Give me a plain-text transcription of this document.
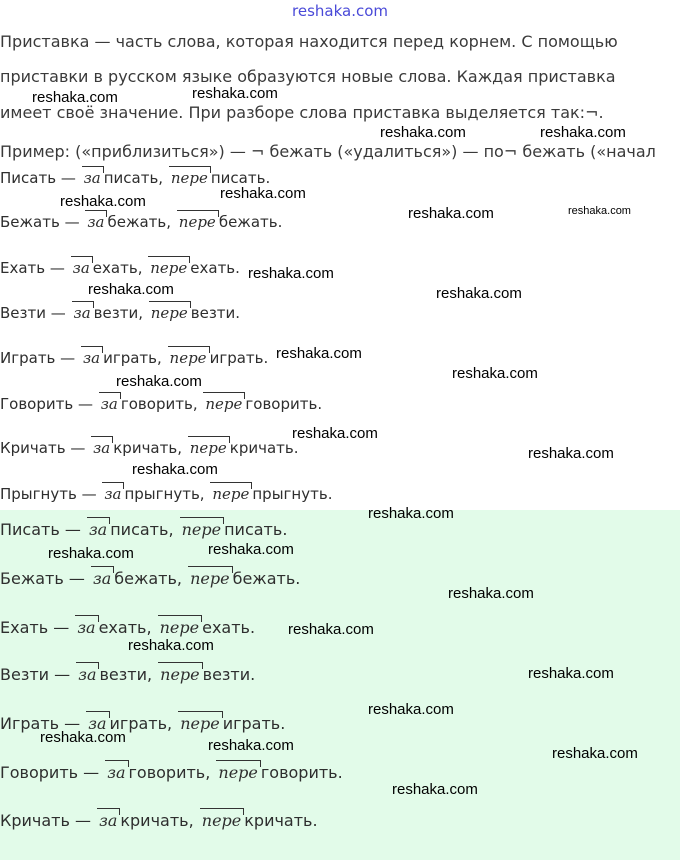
reshaka.com
Приставка — часть слова, которая находится перед корнем. С помощью
приставки в русском языке образуются новые слова. Каждая приставка
имеет своё значение. При разборе слова приставка выделяется так:¬.
Пример: («приблизиться») — ¬ бежать («удалиться») — по¬ бежать («начал
Писать — за писать, пере писать.
Бежать — за бежать, пере бежать.
Ехать — за ехать, пере ехать.
Везти — за везти, пере везти.
Играть — за играть, пере играть.
Говорить — за говорить, пере говорить.
Кричать — за кричать, пере кричать.
Прыгнуть — за прыгнуть, пере прыгнуть.
Писать — за писать, пере писать.
Бежать — за бежать, пере бежать.
Ехать — за ехать, пере ехать.
Везти — за везти, пере везти.
Играть — за играть, пере играть.
Говорить — за говорить, пере говорить.
Кричать — за кричать, пере кричать.
reshaka.com	reshaka.com
reshaka.com	reshaka.com
reshaka.com
reshaka.com
reshaka.com	reshaka.com
reshaka.com
reshaka.com	reshaka.com
reshaka.com
reshaka.com
reshaka.com
reshaka.com
reshaka.com
reshaka.com
reshaka.com
reshaka.com
reshaka.com
reshaka.com
reshaka.com
reshaka.com
reshaka.com
reshaka.com
reshaka.com	reshaka.com	reshaka.com
reshaka.com
